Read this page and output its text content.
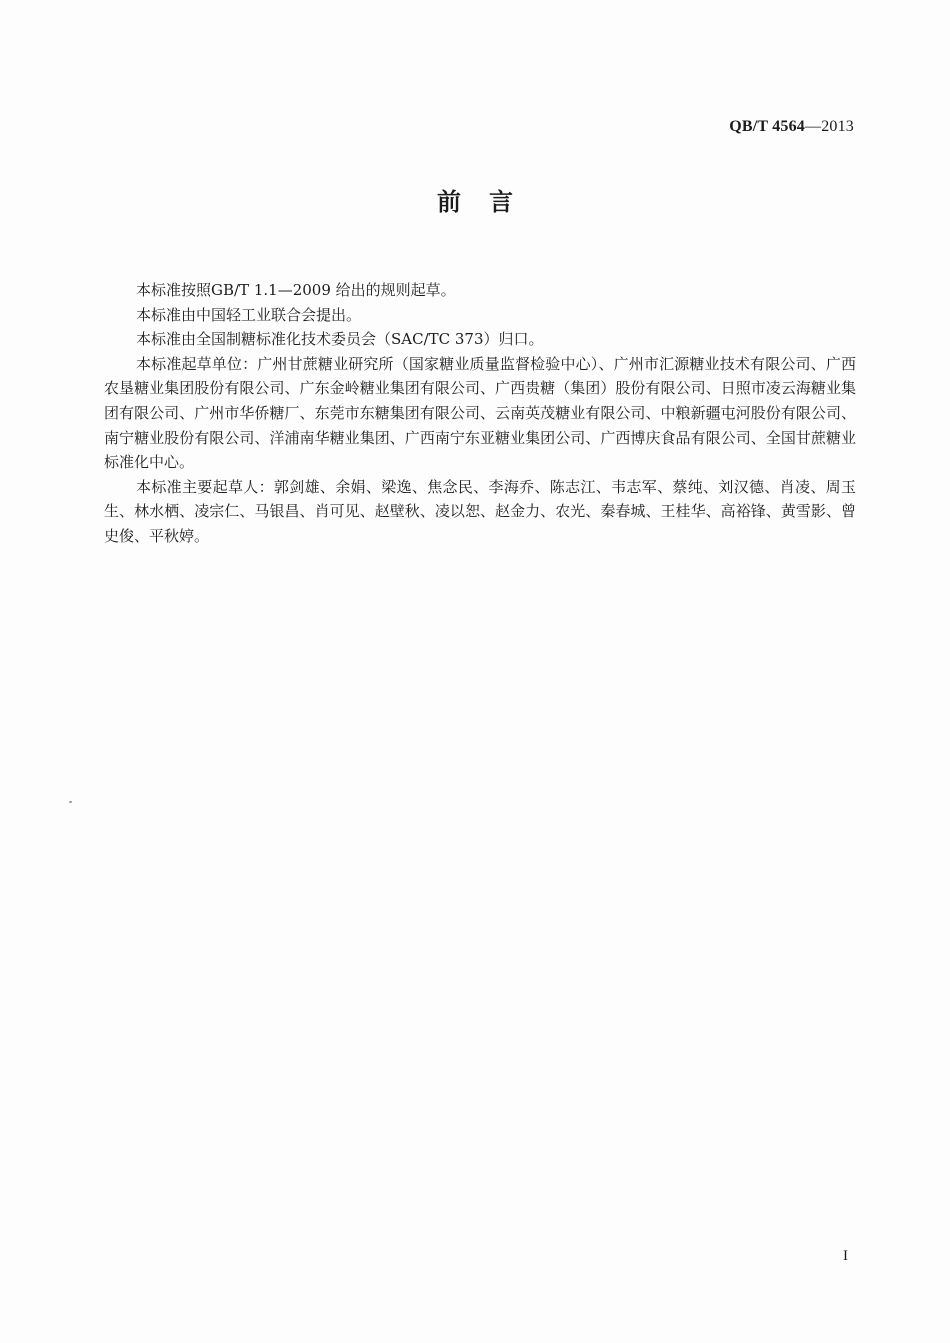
QB/T 4564—2013
前言

本标准按照GB/T 1.1—2009 给出的规则起草。

本标准由中国轻工业联合会提出。

本标准由全国制糖标准化技术委员会（SAC/TC 373）归口。

本标准起草单位：广州甘蔗糖业研究所（国家糖业质量监督检验中心）、广州市汇源糖业技术有限公司、广西农垦糖业集团股份有限公司、广东金岭糖业集团有限公司、广西贵糖（集团）股份有限公司、日照市凌云海糖业集团有限公司、广州市华侨糖厂、东莞市东糖集团有限公司、云南英茂糖业有限公司、中粮新疆屯河股份有限公司、南宁糖业股份有限公司、洋浦南华糖业集团、广西南宁东亚糖业集团公司、广西博庆食品有限公司、全国甘蔗糖业标准化中心。

本标准主要起草人：郭剑雄、余娟、梁逸、焦念民、李海乔、陈志江、韦志军、蔡纯、刘汉德、肖凌、周玉生、林水栖、凌宗仁、马银昌、肖可见、赵壁秋、凌以恕、赵金力、农光、秦春城、王桂华、高裕锋、黄雪影、曾史俊、平秋婷。

I
